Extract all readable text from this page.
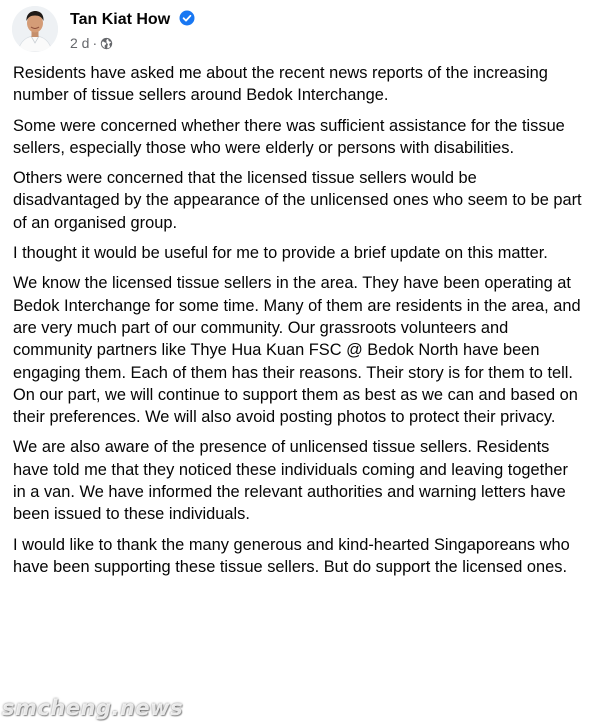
Tan Kiat How
2 d ·

Residents have asked me about the recent news reports of the increasing number of tissue sellers around Bedok Interchange.

Some were concerned whether there was sufficient assistance for the tissue sellers, especially those who were elderly or persons with disabilities.

Others were concerned that the licensed tissue sellers would be disadvantaged by the appearance of the unlicensed ones who seem to be part of an organised group.

I thought it would be useful for me to provide a brief update on this matter.

We know the licensed tissue sellers in the area. They have been operating at Bedok Interchange for some time. Many of them are residents in the area, and are very much part of our community. Our grassroots volunteers and community partners like Thye Hua Kuan FSC @ Bedok North have been engaging them. Each of them has their reasons. Their story is for them to tell. On our part, we will continue to support them as best as we can and based on their preferences. We will also avoid posting photos to protect their privacy.

We are also aware of the presence of unlicensed tissue sellers. Residents have told me that they noticed these individuals coming and leaving together in a van. We have informed the relevant authorities and warning letters have been issued to these individuals.

I would like to thank the many generous and kind-hearted Singaporeans who have been supporting these tissue sellers. But do support the licensed ones.

smcheng.news
